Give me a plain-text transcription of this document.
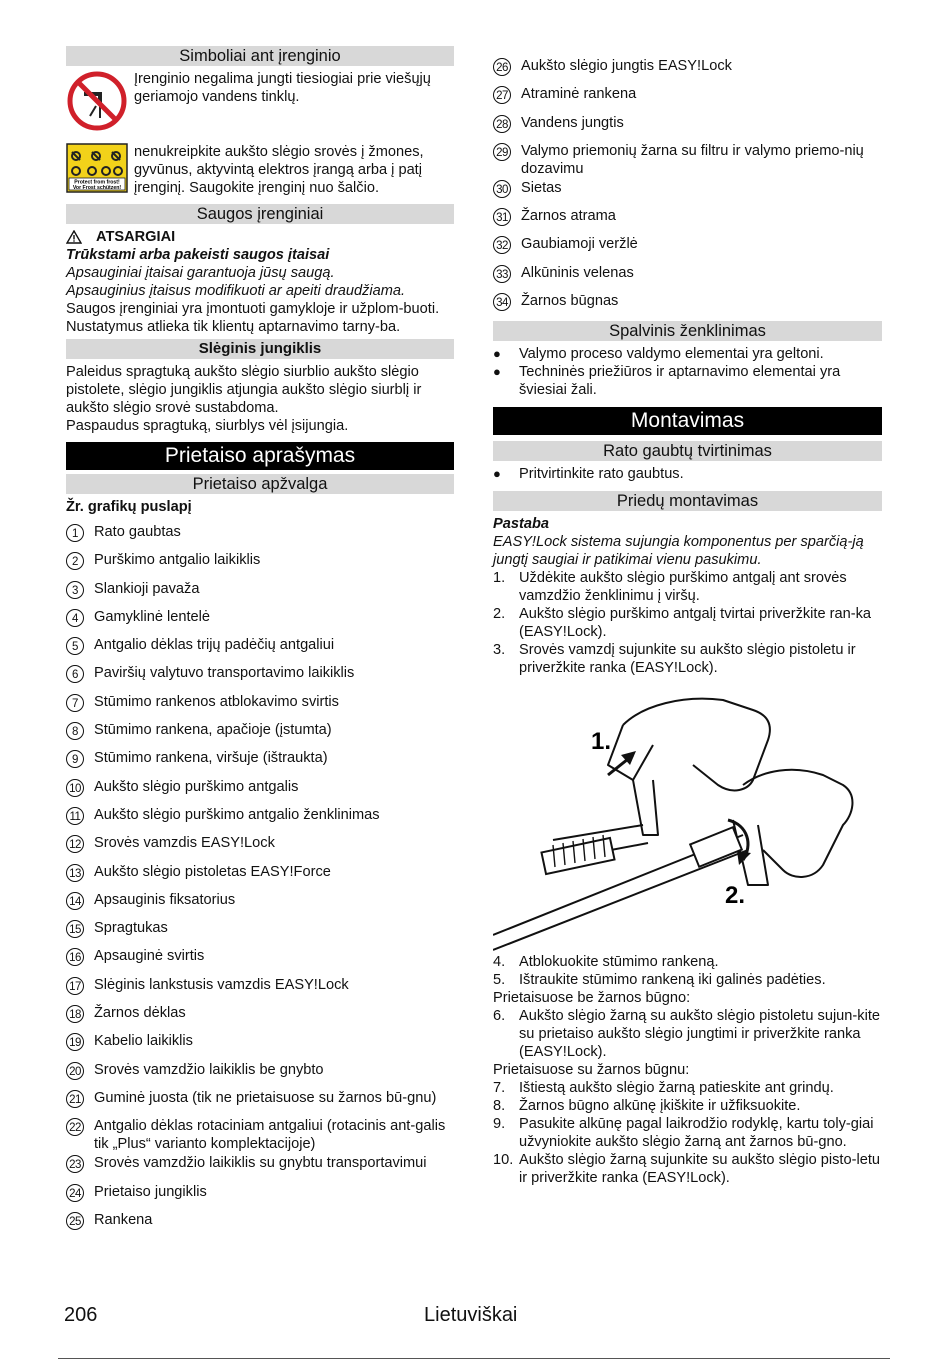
Simboliai ant įrenginio
Įrenginio negalima jungti tiesiogiai prie viešųjų geriamojo vandens tinklų.
Protect from frost!
Vor Frost schützen!
nenukreipkite aukšto slėgio srovės į žmones, gyvūnus, aktyvintą elektros įrangą arba į patį įrenginį. Saugokite įrenginį nuo šalčio.
Saugos įrenginiai
ATSARGIAI

Trūkstami arba pakeisti saugos įtaisai

Apsauginiai įtaisai garantuoja jūsų saugą.

Apsauginius įtaisus modifikuoti ar apeiti draudžiama.

Saugos įrenginiai yra įmontuoti gamykloje ir užplom-buoti. Nustatymus atlieka tik klientų aptarnavimo tarny-ba.

Slėginis jungiklis

Paleidus spragtuką aukšto slėgio siurblio aukšto slėgio pistolete, slėgio jungiklis atjungia aukšto slėgio siurblį ir aukšto slėgio srovė sustabdoma.

Paspaudus spragtuką, siurblys vėl įsijungia.

Prietaiso aprašymas
Prietaiso apžvalga

Žr. grafikų puslapį

1	Rato gaubtas
2	Purškimo antgalio laikiklis
3	Slankioji pavaža
4	Gamyklinė lentelė
5	Antgalio dėklas trijų padėčių antgaliui
6	Paviršių valytuvo transportavimo laikiklis
7	Stūmimo rankenos atblokavimo svirtis
8	Stūmimo rankena, apačioje (įstumta)
9	Stūmimo rankena, viršuje (ištraukta)
10 Aukšto slėgio purškimo antgalis
11 Aukšto slėgio purškimo antgalio ženklinimas
12 Srovės vamzdis EASY!Lock
13 Aukšto slėgio pistoletas EASY!Force
14 Apsauginis fiksatorius
15 Spragtukas
16 Apsauginė svirtis
17 Slėginis lankstusis vamzdis EASY!Lock
18 Žarnos dėklas
19 Kabelio laikiklis
20 Srovės vamzdžio laikiklis be gnybto
21 Guminė juosta (tik ne prietaisuose su žarnos bū-gnu)
22 Antgalio dėklas rotaciniam antgaliui (rotacinis ant-galis tik „Plus“ varianto komplektacijoje)
23 Srovės vamzdžio laikiklis su gnybtu transportavimui
24 Prietaiso jungiklis
25 Rankena
26 Aukšto slėgio jungtis EASY!Lock
27 Atraminė rankena
28 Vandens jungtis
29 Valymo priemonių žarna su filtru ir valymo priemo-nių dozavimu
30 Sietas
31 Žarnos atrama
32 Gaubiamoji veržlė
33 Alkūninis velenas
34 Žarnos būgnas
Spalvinis ženklinimas
●	Valymo proceso valdymo elementai yra geltoni.
●	Techninės priežiūros ir aptarnavimo elementai yra šviesiai žali.
Montavimas
Rato gaubtų tvirtinimas
●	Pritvirtinkite rato gaubtus.
Priedų montavimas

Pastaba

EASY!Lock sistema sujungia komponentus per sparčią-ją jungtį saugiai ir patikimai vienu pasukimu.

1. Uždėkite aukšto slėgio purškimo antgalį ant srovės vamzdžio ženklinimu į viršų.
2. Aukšto slėgio purškimo antgalį tvirtai priveržkite ran-ka (EASY!Lock).
3. Srovės vamzdį sujunkite su aukšto slėgio pistoletu ir priveržkite ranka (EASY!Lock).
1.
2.
4. Atblokuokite stūmimo rankeną.
5. Ištraukite stūmimo rankeną iki galinės padėties.

Prietaisuose be žarnos būgno:

6. Aukšto slėgio žarną su aukšto slėgio pistoletu sujun-kite su prietaiso aukšto slėgio jungtimi ir priveržkite ranka (EASY!Lock).

Prietaisuose su žarnos būgnu:

7. Ištiestą aukšto slėgio žarną patieskite ant grindų.
8. Žarnos būgno alkūnę įkiškite ir užfiksuokite.
9. Pasukite alkūnę pagal laikrodžio rodyklę, kartu toly-giai užvyniokite aukšto slėgio žarną ant žarnos bū-gno.
10. Aukšto slėgio žarną sujunkite su aukšto slėgio pisto-letu ir priveržkite ranka (EASY!Lock).
206	Lietuviškai
